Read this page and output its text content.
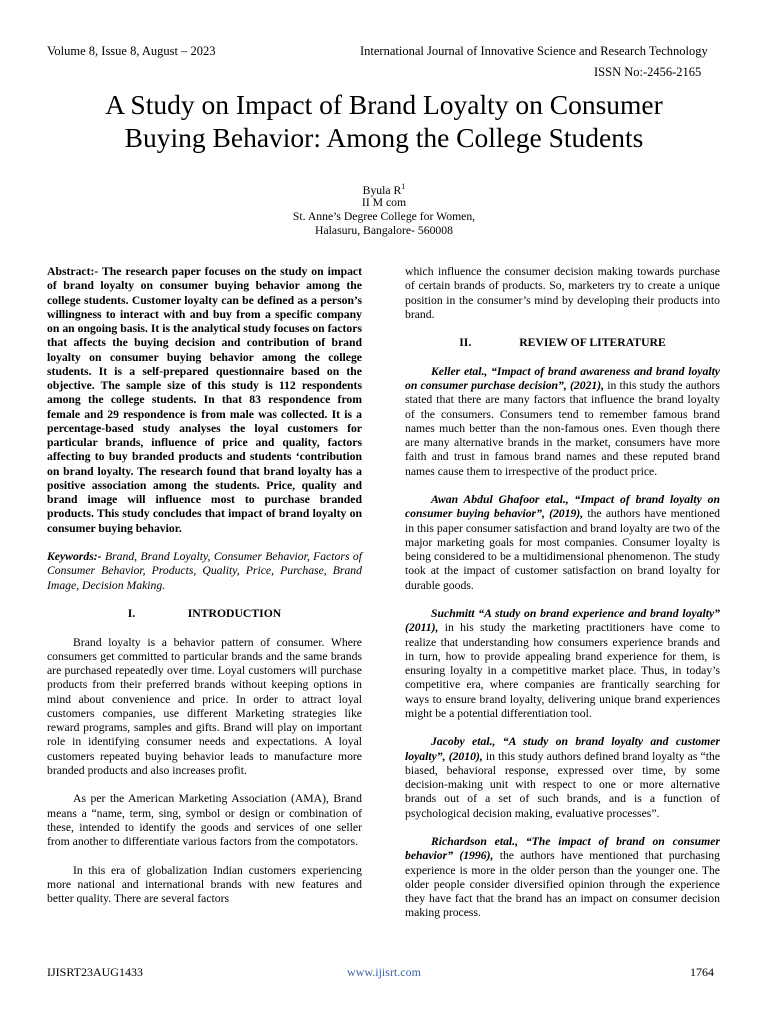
Volume 8, Issue 8, August – 2023	International Journal of Innovative Science and Research Technology
ISSN No:-2456-2165
A Study on Impact of Brand Loyalty on Consumer
Buying Behavior: Among the College Students
Byula $R^1$
II M com
St. Anne’s Degree College for Women,
Halasuru, Bangalore- 560008

Abstract:- The research paper focuses on the study on impact of brand loyalty on consumer buying behavior among the college students. Customer loyalty can be defined as a person’s willingness to interact with and buy from a specific company on an ongoing basis. It is the analytical study focuses on factors that affects the buying decision and contribution of brand loyalty on consumer buying behavior among the college students. It is a self-prepared questionnaire based on the objective. The sample size of this study is 112 respondents among the college students. In that 83 respondence from female and 29 respondence is from male was collected. It is a percentage-based study analyses the loyal customers for particular brands, influence of price and quality, factors affecting to buy branded products and students ‘contribution on brand loyalty. The research found that brand loyalty has a positive association among the students. Price, quality and brand image will influence most to purchase branded products. This study concludes that impact of brand loyalty on consumer buying behavior.

Keywords:- Brand, Brand Loyalty, Consumer Behavior, Factors of Consumer Behavior, Products, Quality, Price, Purchase, Brand Image, Decision Making.

I.	INTRODUCTION

Brand loyalty is a behavior pattern of consumer. Where consumers get committed to particular brands and the same brands are purchased repeatedly over time. Loyal customers will purchase products from their preferred brands without keeping options in mind about convenience and price. In order to attract loyal customers companies, use different Marketing strategies like reward programs, samples and gifts. Brand will play on important role in identifying consumer needs and expectations. A loyal customers repeated buying behavior leads to manufacture more branded products and also increases profit.

As per the American Marketing Association (AMA), Brand means a “name, term, sing, symbol or design or combination of these, intended to identify the goods and services of one seller from another to differentiate various factors from the compotators.

In this era of globalization Indian customers experiencing more national and international brands with new features and better quality. There are several factors

which influence the consumer decision making towards purchase of certain brands of products. So, marketers try to create a unique position in the consumer’s mind by developing their products into brand.

II.	REVIEW OF LITERATURE

Keller etal., “Impact of brand awareness and brand loyalty on consumer purchase decision”, (2021), in this study the authors stated that there are many factors that influence the brand loyalty of the consumers. Consumers tend to remember famous brand names much better than the non-famous ones. Even though there are many alternative brands in the market, consumers have more faith and trust in famous brand names and these reputed brand names cause them to irrespective of the product price.

Awan Abdul Ghafoor etal., “Impact of brand loyalty on consumer buying behavior”, (2019), the authors have mentioned in this paper consumer satisfaction and brand loyalty are two of the major marketing goals for most companies. Consumer loyalty is being considered to be a multidimensional phenomenon. The study took at the impact of customer satisfaction on brand loyalty for durable goods.

Suchmitt “A study on brand experience and brand loyalty” (2011), in his study the marketing practitioners have come to realize that understanding how consumers experience brands and in turn, how to provide appealing brand experience for them, is ensuring loyalty in a competitive market place. Thus, in today’s competitive era, where companies are frantically searching for ways to ensure brand loyalty, delivering unique brand experiences might be a potential differentiation tool.

Jacoby etal., “A study on brand loyalty and customer loyalty”, (2010), in this study authors defined brand loyalty as “the biased, behavioral response, expressed over time, by some decision-making unit with respect to one or more alternative brands out of a set of such brands, and is a function of psychological decision making, evaluative processes”.

Richardson etal., “The impact of brand on consumer behavior” (1996), the authors have mentioned that purchasing experience is more in the older person than the younger one. The older people consider diversified opinion through the experience they have fact that the brand has an impact on consumer decision making process.

IJISRT23AUG1433	www.ijisrt.com	1764
